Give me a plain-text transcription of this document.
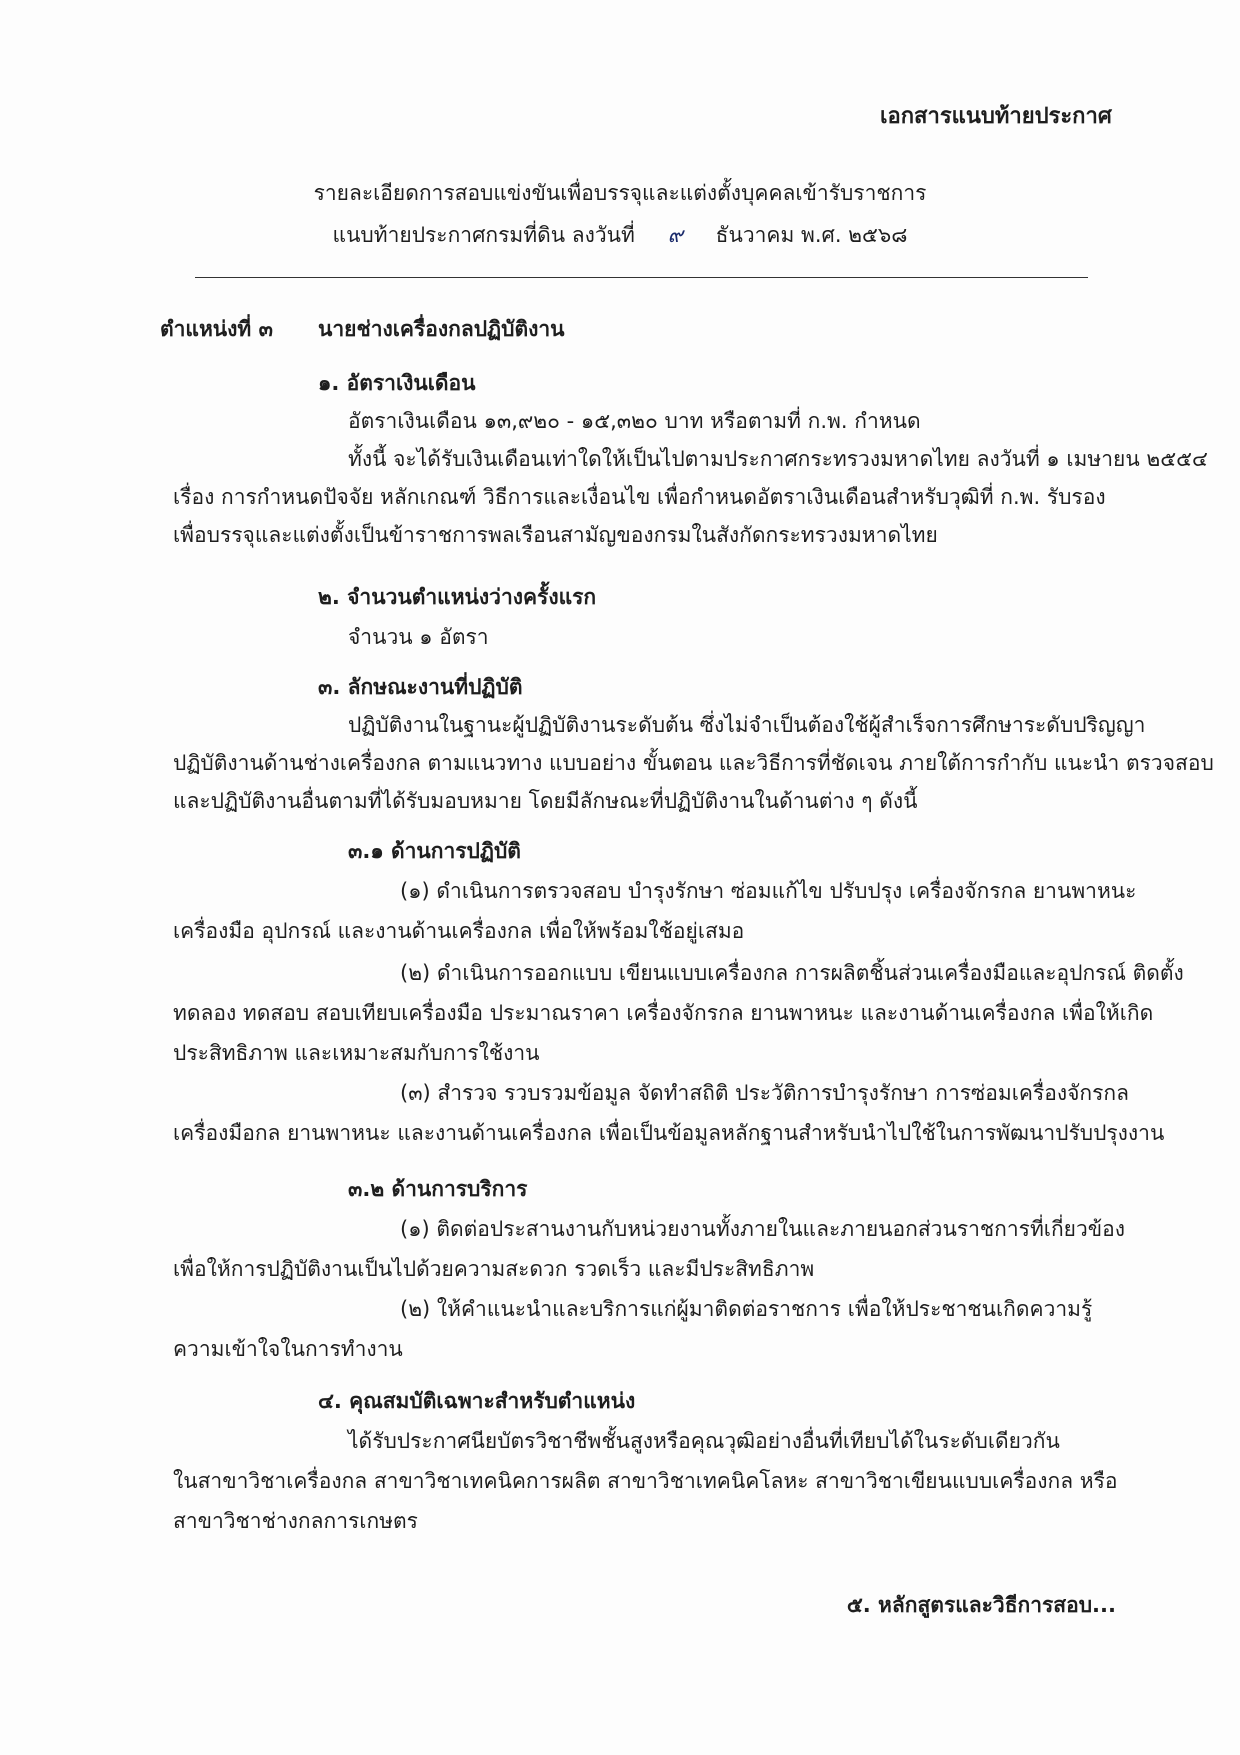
เอกสารแนบท้ายประกาศ
รายละเอียดการสอบแข่งขันเพื่อบรรจุและแต่งตั้งบุคคลเข้ารับราชการ
แนบท้ายประกาศกรมที่ดิน ลงวันที่ ๙ ธันวาคม พ.ศ. ๒๕๖๘
ตำแหน่งที่ ๓ นายช่างเครื่องกลปฏิบัติงาน
๑. อัตราเงินเดือน
อัตราเงินเดือน ๑๓,๙๒๐ - ๑๕,๓๒๐ บาท หรือตามที่ ก.พ. กำหนด
ทั้งนี้ จะได้รับเงินเดือนเท่าใดให้เป็นไปตามประกาศกระทรวงมหาดไทย ลงวันที่ ๑ เมษายน ๒๕๕๔
เรื่อง การกำหนดปัจจัย หลักเกณฑ์ วิธีการและเงื่อนไข เพื่อกำหนดอัตราเงินเดือนสำหรับวุฒิที่ ก.พ. รับรอง
เพื่อบรรจุและแต่งตั้งเป็นข้าราชการพลเรือนสามัญของกรมในสังกัดกระทรวงมหาดไทย
๒. จำนวนตำแหน่งว่างครั้งแรก
จำนวน ๑ อัตรา
๓. ลักษณะงานที่ปฏิบัติ
ปฏิบัติงานในฐานะผู้ปฏิบัติงานระดับต้น ซึ่งไม่จำเป็นต้องใช้ผู้สำเร็จการศึกษาระดับปริญญา
ปฏิบัติงานด้านช่างเครื่องกล ตามแนวทาง แบบอย่าง ขั้นตอน และวิธีการที่ชัดเจน ภายใต้การกำกับ แนะนำ ตรวจสอบ
และปฏิบัติงานอื่นตามที่ได้รับมอบหมาย โดยมีลักษณะที่ปฏิบัติงานในด้านต่าง ๆ ดังนี้
๓.๑ ด้านการปฏิบัติ
(๑) ดำเนินการตรวจสอบ บำรุงรักษา ซ่อมแก้ไข ปรับปรุง เครื่องจักรกล ยานพาหนะ
เครื่องมือ อุปกรณ์ และงานด้านเครื่องกล เพื่อให้พร้อมใช้อยู่เสมอ
(๒) ดำเนินการออกแบบ เขียนแบบเครื่องกล การผลิตชิ้นส่วนเครื่องมือและอุปกรณ์ ติดตั้ง
ทดลอง ทดสอบ สอบเทียบเครื่องมือ ประมาณราคา เครื่องจักรกล ยานพาหนะ และงานด้านเครื่องกล เพื่อให้เกิด
ประสิทธิภาพ และเหมาะสมกับการใช้งาน
(๓) สำรวจ รวบรวมข้อมูล จัดทำสถิติ ประวัติการบำรุงรักษา การซ่อมเครื่องจักรกล
เครื่องมือกล ยานพาหนะ และงานด้านเครื่องกล เพื่อเป็นข้อมูลหลักฐานสำหรับนำไปใช้ในการพัฒนาปรับปรุงงาน
๓.๒ ด้านการบริการ
(๑) ติดต่อประสานงานกับหน่วยงานทั้งภายในและภายนอกส่วนราชการที่เกี่ยวข้อง
เพื่อให้การปฏิบัติงานเป็นไปด้วยความสะดวก รวดเร็ว และมีประสิทธิภาพ
(๒) ให้คำแนะนำและบริการแก่ผู้มาติดต่อราชการ เพื่อให้ประชาชนเกิดความรู้
ความเข้าใจในการทำงาน
๔. คุณสมบัติเฉพาะสำหรับตำแหน่ง
ได้รับประกาศนียบัตรวิชาชีพชั้นสูงหรือคุณวุฒิอย่างอื่นที่เทียบได้ในระดับเดียวกัน
ในสาขาวิชาเครื่องกล สาขาวิชาเทคนิคการผลิต สาขาวิชาเทคนิคโลหะ สาขาวิชาเขียนแบบเครื่องกล หรือ
สาขาวิชาช่างกลการเกษตร
๕. หลักสูตรและวิธีการสอบ...
